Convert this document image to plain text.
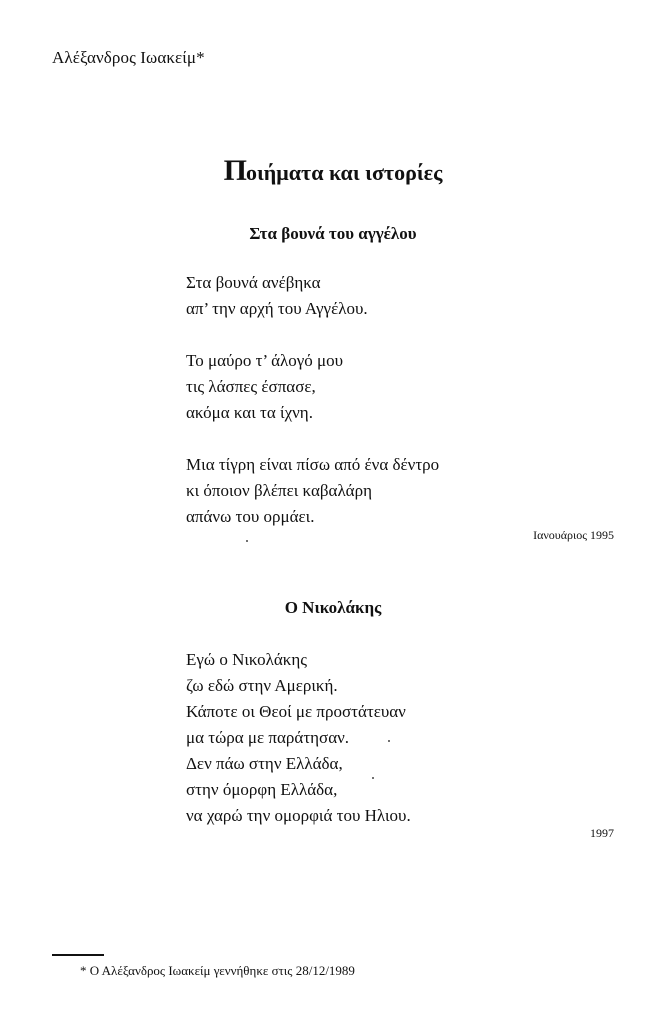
Αλέξανδρος Ιωακείμ*
Ποιήματα και ιστορίες
Στα βουνά του αγγέλου
Στα βουνά ανέβηκα
απ’ την αρχή του Αγγέλου.
Το μαύρο τ’ άλογό μου
τις λάσπες έσπασε,
ακόμα και τα ίχνη.
Μια τίγρη είναι πίσω από ένα δέντρο
κι όποιον βλέπει καβαλάρη
απάνω του ορμάει.
Ιανουάριος 1995
Ο Νικολάκης
Εγώ ο Νικολάκης
ζω εδώ στην Αμερική.
Κάποτε οι Θεοί με προστάτευαν
μα τώρα με παράτησαν.
Δεν πάω στην Ελλάδα,
στην όμορφη Ελλάδα,
να χαρώ την ομορφιά του Ηλιου.
1997
* Ο Αλέξανδρος Ιωακείμ γεννήθηκε στις 28/12/1989
